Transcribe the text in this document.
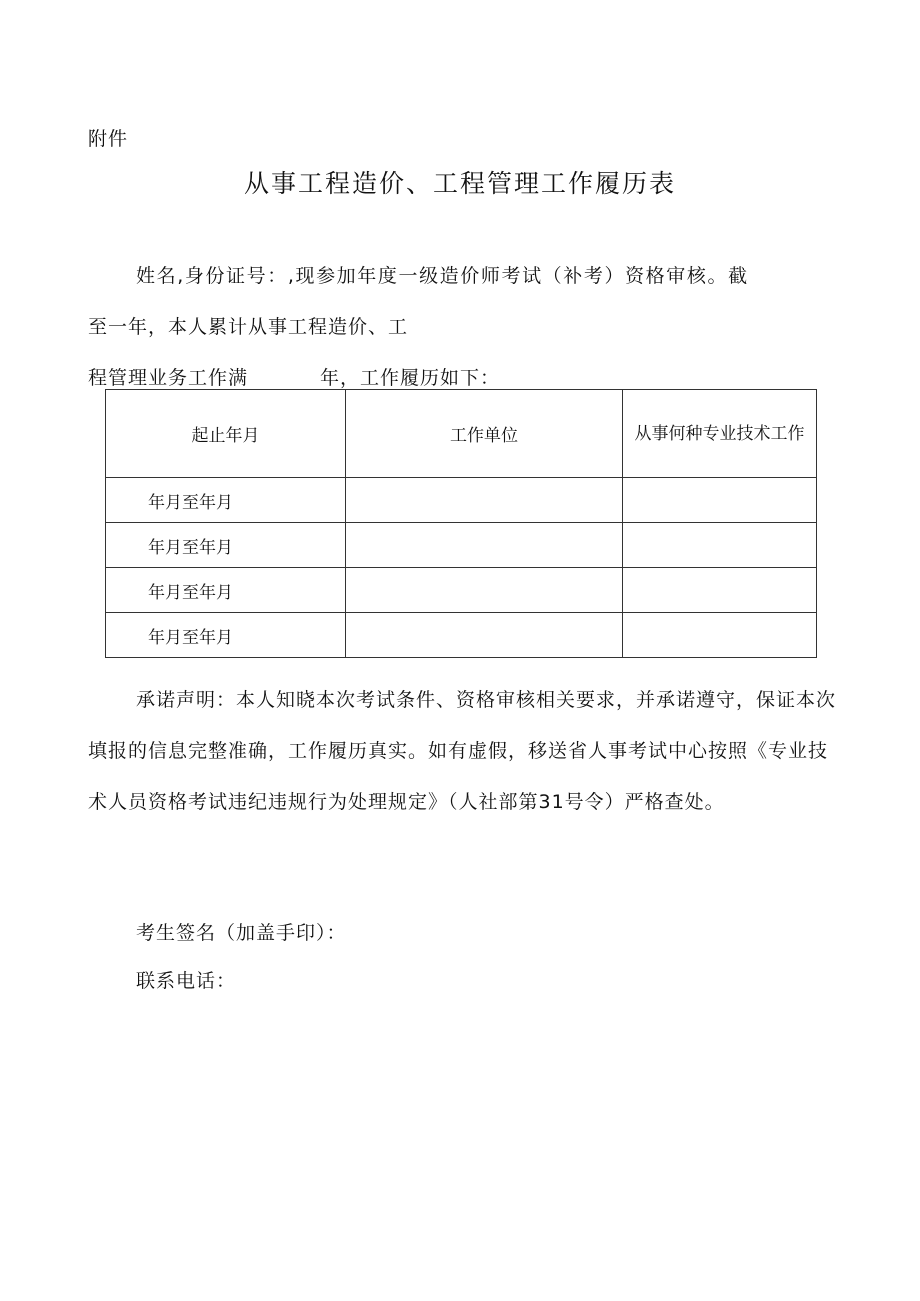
附件
从事工程造价、工程管理工作履历表
姓名,身份证号：,现参加年度一级造价师考试（补考）资格审核。截
至一年，本人累计从事工程造价、工
程管理业务工作满	年，工作履历如下：
起止年月	工作单位	从事何种专业技术工作
年月至年月		
年月至年月		
年月至年月		
年月至年月		
承诺声明：本人知晓本次考试条件、资格审核相关要求，并承诺遵守，保证本次填报的信息完整准确，工作履历真实。如有虚假，移送省人事考试中心按照《专业技术人员资格考试违纪违规行为处理规定》（人社部第31号令）严格查处。
考生签名（加盖手印）：
联系电话：
